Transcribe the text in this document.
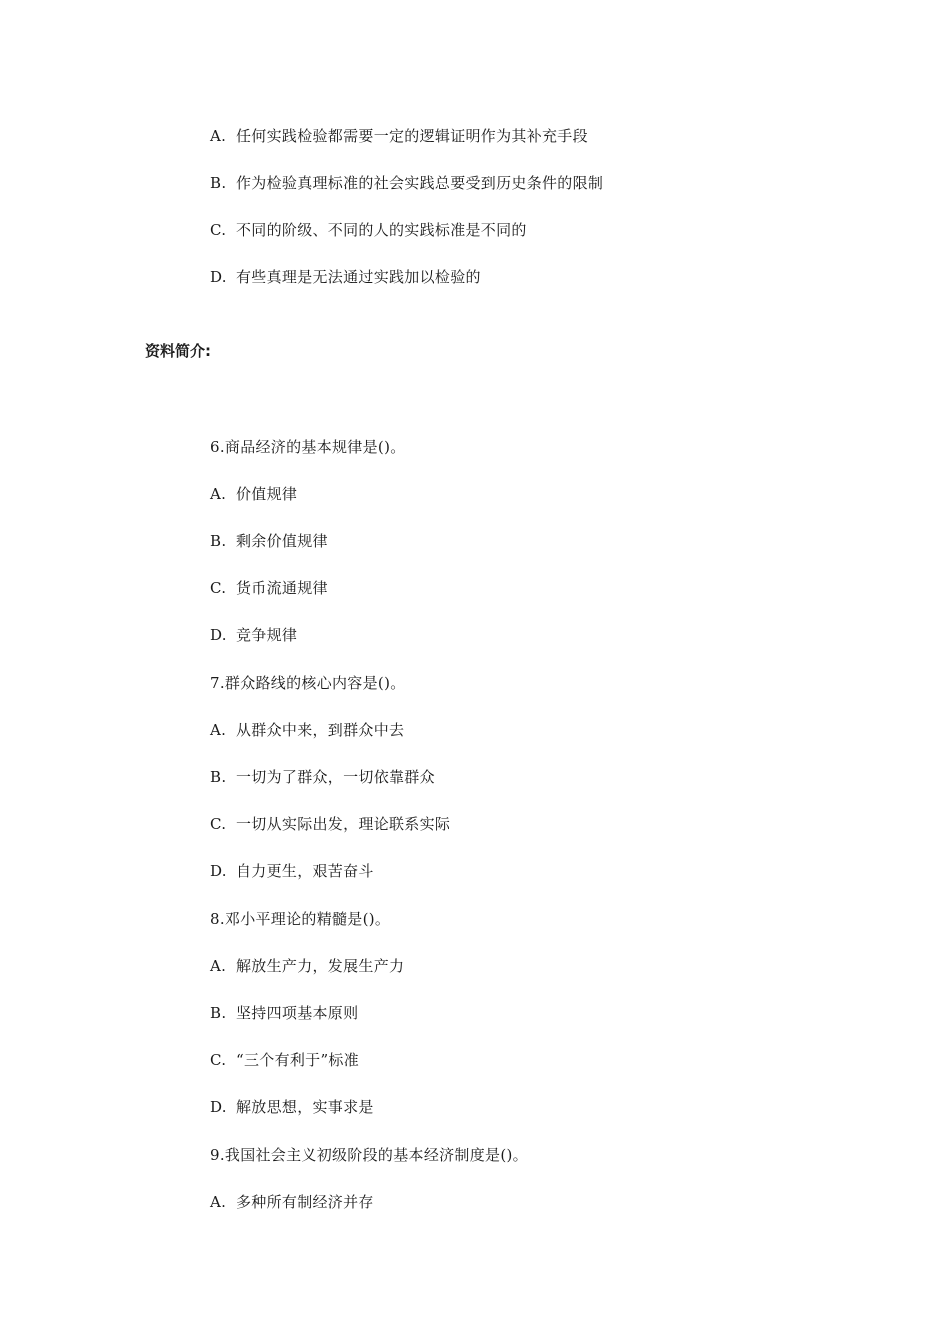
A. 任何实践检验都需要一定的逻辑证明作为其补充手段
B. 作为检验真理标准的社会实践总要受到历史条件的限制
C. 不同的阶级、不同的人的实践标准是不同的
D. 有些真理是无法通过实践加以检验的
资料简介:
6.商品经济的基本规律是()。
A. 价值规律
B. 剩余价值规律
C. 货币流通规律
D. 竞争规律
7.群众路线的核心内容是()。
A. 从群众中来，到群众中去
B. 一切为了群众，一切依靠群众
C. 一切从实际出发，理论联系实际
D. 自力更生，艰苦奋斗
8.邓小平理论的精髓是()。
A. 解放生产力，发展生产力
B. 坚持四项基本原则
C. “三个有利于”标准
D. 解放思想，实事求是
9.我国社会主义初级阶段的基本经济制度是()。
A. 多种所有制经济并存
